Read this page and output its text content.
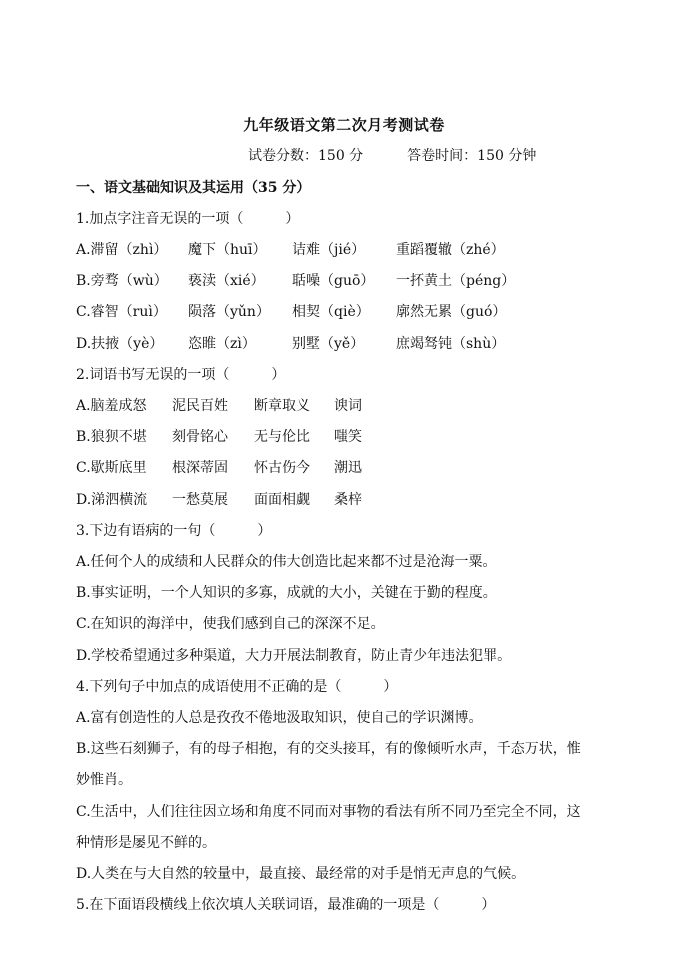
九年级语文第二次月考测试卷
试卷分数：150 分	答卷时间：150 分钟
一、语文基础知识及其运用（35 分）
1.加点字注音无误的一项（　　　）
A.滞留（zhì） 魔下（huī） 诘难（jié） 重蹈覆辙（zhé）
B.旁骛（wù） 亵渎（xié） 聒噪（guō） 一抔黄土（péng）
C.睿智（ruì） 陨落（yǔn） 相契（qiè） 廓然无累（guó）
D.扶掖（yè） 恣睢（zì）	别墅（yě） 庶竭驽钝（shù）
2.词语书写无误的一项（　　　）
A.脑羞成怒 泥民百姓 断章取义 谀词
B.狼狈不堪 刻骨铭心 无与伦比 嗤笑
C.歇斯底里 根深蒂固 怀古伤今 潮迅
D.涕泗横流 一愁莫展 面面相觑 桑梓
3.下边有语病的一句（　　　）
A.任何个人的成绩和人民群众的伟大创造比起来都不过是沧海一粟。
B.事实证明，一个人知识的多寡，成就的大小，关键在于勤的程度。
C.在知识的海洋中，使我们感到自己的深深不足。
D.学校希望通过多种渠道，大力开展法制教育，防止青少年违法犯罪。
4.下列句子中加点的成语使用不正确的是（　　　）
A.富有创造性的人总是孜孜不倦地汲取知识，使自己的学识渊博。
B.这些石刻狮子，有的母子相抱，有的交头接耳，有的像倾听水声，千态万状，惟
妙惟肖。
C.生活中，人们往往因立场和角度不同而对事物的看法有所不同乃至完全不同，这
种情形是屡见不鲜的。
D.人类在与大自然的较量中，最直接、最经常的对手是悄无声息的气候。
5.在下面语段横线上依次填人关联词语，最准确的一项是（　　　）
